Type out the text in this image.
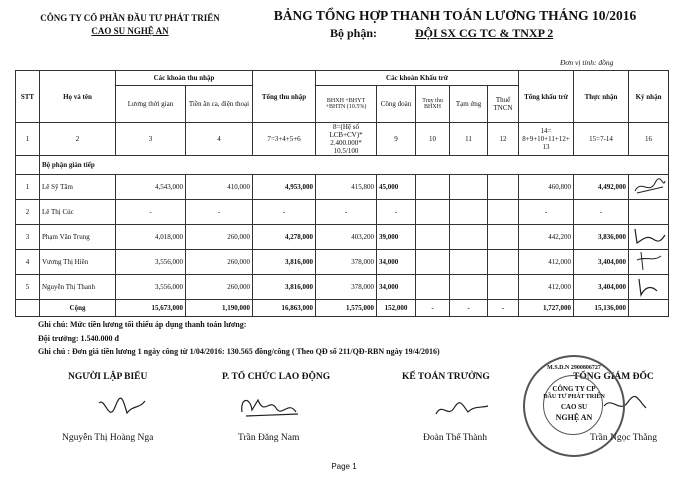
CÔNG TY CỔ PHẦN ĐẦU TƯ PHÁT TRIỂN
CAO SU NGHỆ AN
BẢNG TỔNG HỢP THANH TOÁN LƯƠNG THÁNG 10/2016
Bộ phận:	ĐỘI SX CG TC & TNXP 2
Đơn vị tính: đồng
STT	Họ và tên	Các khoản thu nhập		Tổng thu nhập	Các khoản Khấu trừ					Tổng khấu trừ	Thực nhận	Ký nhận
		Lương thời gian	Tiền ăn ca, điện thoại		BHXH +BHYT +BHTN (10.5%)	Công đoàn	Truy thu BHXH	Tạm ứng	Thuế TNCN			
1	2	3	4	7=3+4+5+6	8=(Hệ số LCB+CV)* 2.400.000* 10.5/100	9	10	11	12	14= 8+9+10+11+12+ 13	15=7-14	16
	Bộ phận gián tiếp											
1	Lê Sỹ Tâm	4,543,000	410,000	4,953,000	415,800	45,000				460,800	4,492,000	
2	Lê Thị Cúc	-	-	-	-	-				-	-	
3	Phạm Văn Trung	4,018,000	260,000	4,278,000	403,200	39,000				442,200	3,836,000	
4	Vương Thị Hiền	3,556,000	260,000	3,816,000	378,000	34,000				412,000	3,404,000	
5	Nguyễn Thị Thanh	3,556,000	260,000	3,816,000	378,000	34,000				412,000	3,404,000	
	Cộng	15,673,000	1,190,000	16,863,000	1,575,000	152,000	-	-	-	1,727,000	15,136,000	
Ghi chú: Mức tiền lương tối thiểu áp dụng thanh toán lương:
Đội trưởng: 1.540.000 đ
Ghi chú : Đơn giá tiền lương 1 ngày công từ 1/04/2016: 130.565 đồng/công ( Theo QĐ số 211/QĐ-RBN ngày 19/4/2016)
NGƯỜI LẬP BIỂU	P. TỔ CHỨC LAO ĐỘNG	KẾ TOÁN TRƯỞNG	TỔNG GIÁM ĐỐC
M.S.D.N 2900806727
CÔNG TY CP
ĐẦU TƯ PHÁT TRIỂN
CAO SU
NGHỆ AN
Nguyễn Thị Hoàng Nga	Trần Đăng Nam	Đoàn Thế Thành	Trần Ngọc Thắng
Page 1
